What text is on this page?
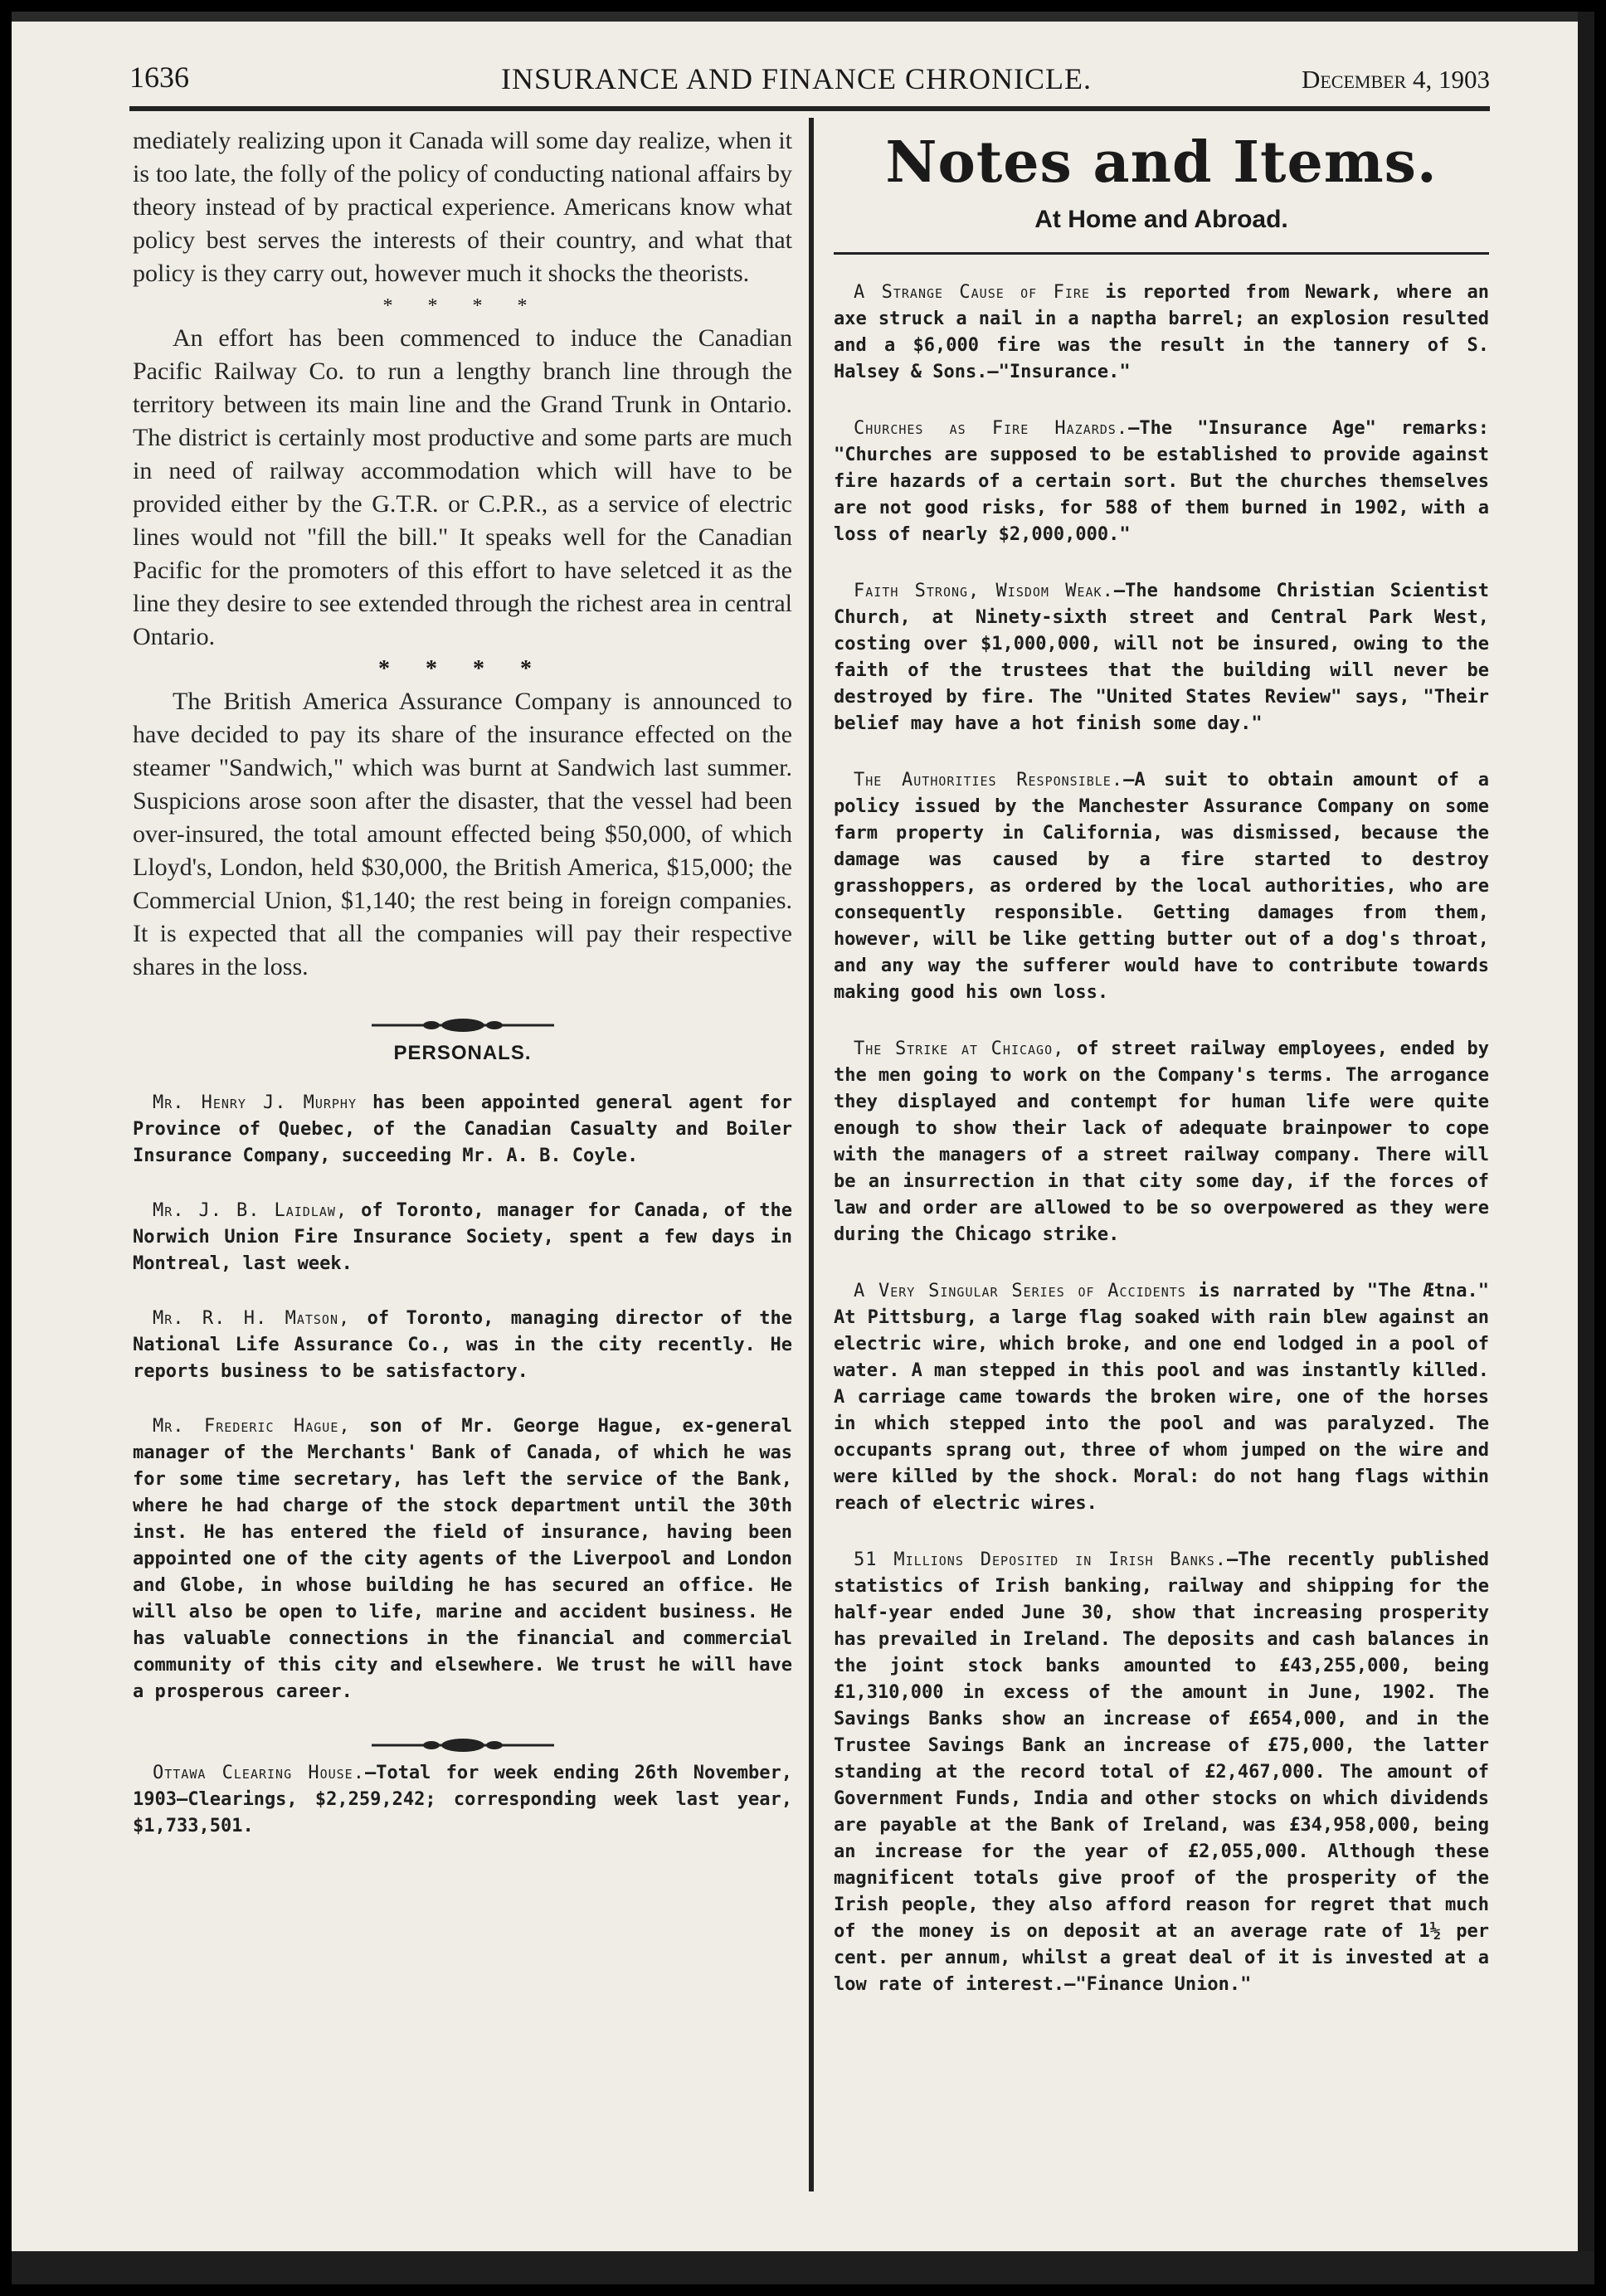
1636	INSURANCE AND FINANCE CHRONICLE.	December 4, 1903

mediately realizing upon it Canada will some day realize, when it is too late, the folly of the policy of conducting national affairs by theory instead of by practical experience. Americans know what policy best serves the interests of their country, and what that policy is they carry out, however much it shocks the theorists.

* * * *

An effort has been commenced to induce the Canadian Pacific Railway Co. to run a lengthy branch line through the territory between its main line and the Grand Trunk in Ontario. The district is certainly most productive and some parts are much in need of railway accommodation which will have to be provided either by the G.T.R. or C.P.R., as a service of electric lines would not "fill the bill." It speaks well for the Canadian Pacific for the promoters of this effort to have seletced it as the line they desire to see extended through the richest area in central Ontario.

* * * *

The British America Assurance Company is announced to have decided to pay its share of the insurance effected on the steamer "Sandwich," which was burnt at Sandwich last summer. Suspicions arose soon after the disaster, that the vessel had been over-insured, the total amount effected being $50,000, of which Lloyd's, London, held $30,000, the British America, $15,000; the Commercial Union, $1,140; the rest being in foreign companies. It is expected that all the companies will pay their respective shares in the loss.

PERSONALS.

Mr. Henry J. Murphy has been appointed general agent for Province of Quebec, of the Canadian Casualty and Boiler Insurance Company, succeeding Mr. A. B. Coyle.

Mr. J. B. Laidlaw, of Toronto, manager for Canada, of the Norwich Union Fire Insurance Society, spent a few days in Montreal, last week.

Mr. R. H. Matson, of Toronto, managing director of the National Life Assurance Co., was in the city recently. He reports business to be satisfactory.

Mr. Frederic Hague, son of Mr. George Hague, ex-general manager of the Merchants' Bank of Canada, of which he was for some time secretary, has left the service of the Bank, where he had charge of the stock department until the 30th inst. He has entered the field of insurance, having been appointed one of the city agents of the Liverpool and London and Globe, in whose building he has secured an office. He will also be open to life, marine and accident business. He has valuable connections in the financial and commercial community of this city and elsewhere. We trust he will have a prosperous career.

Ottawa Clearing House.—Total for week ending 26th November, 1903—Clearings, $2,259,242; corresponding week last year, $1,733,501.

Notes and Items.
At Home and Abroad.

A Strange Cause of Fire is reported from Newark, where an axe struck a nail in a naptha barrel; an explosion resulted and a $6,000 fire was the result in the tannery of S. Halsey & Sons.—"Insurance."

Churches as Fire Hazards.—The "Insurance Age" remarks: "Churches are supposed to be established to provide against fire hazards of a certain sort. But the churches themselves are not good risks, for 588 of them burned in 1902, with a loss of nearly $2,000,000."

Faith Strong, Wisdom Weak.—The handsome Christian Scientist Church, at Ninety-sixth street and Central Park West, costing over $1,000,000, will not be insured, owing to the faith of the trustees that the building will never be destroyed by fire. The "United States Review" says, "Their belief may have a hot finish some day."

The Authorities Responsible.—A suit to obtain amount of a policy issued by the Manchester Assurance Company on some farm property in California, was dismissed, because the damage was caused by a fire started to destroy grasshoppers, as ordered by the local authorities, who are consequently responsible. Getting damages from them, however, will be like getting butter out of a dog's throat, and any way the sufferer would have to contribute towards making good his own loss.

The Strike at Chicago, of street railway employees, ended by the men going to work on the Company's terms. The arrogance they displayed and contempt for human life were quite enough to show their lack of adequate brainpower to cope with the managers of a street railway company. There will be an insurrection in that city some day, if the forces of law and order are allowed to be so overpowered as they were during the Chicago strike.

A Very Singular Series of Accidents is narrated by "The Ætna." At Pittsburg, a large flag soaked with rain blew against an electric wire, which broke, and one end lodged in a pool of water. A man stepped in this pool and was instantly killed. A carriage came towards the broken wire, one of the horses in which stepped into the pool and was paralyzed. The occupants sprang out, three of whom jumped on the wire and were killed by the shock. Moral: do not hang flags within reach of electric wires.

51 Millions Deposited in Irish Banks.—The recently published statistics of Irish banking, railway and shipping for the half-year ended June 30, show that increasing prosperity has prevailed in Ireland. The deposits and cash balances in the joint stock banks amounted to £43,255,000, being £1,310,000 in excess of the amount in June, 1902. The Savings Banks show an increase of £654,000, and in the Trustee Savings Bank an increase of £75,000, the latter standing at the record total of £2,467,000. The amount of Government Funds, India and other stocks on which dividends are payable at the Bank of Ireland, was £34,958,000, being an increase for the year of £2,055,000. Although these magnificent totals give proof of the prosperity of the Irish people, they also afford reason for regret that much of the money is on deposit at an average rate of 1½ per cent. per annum, whilst a great deal of it is invested at a low rate of interest.—"Finance Union."
